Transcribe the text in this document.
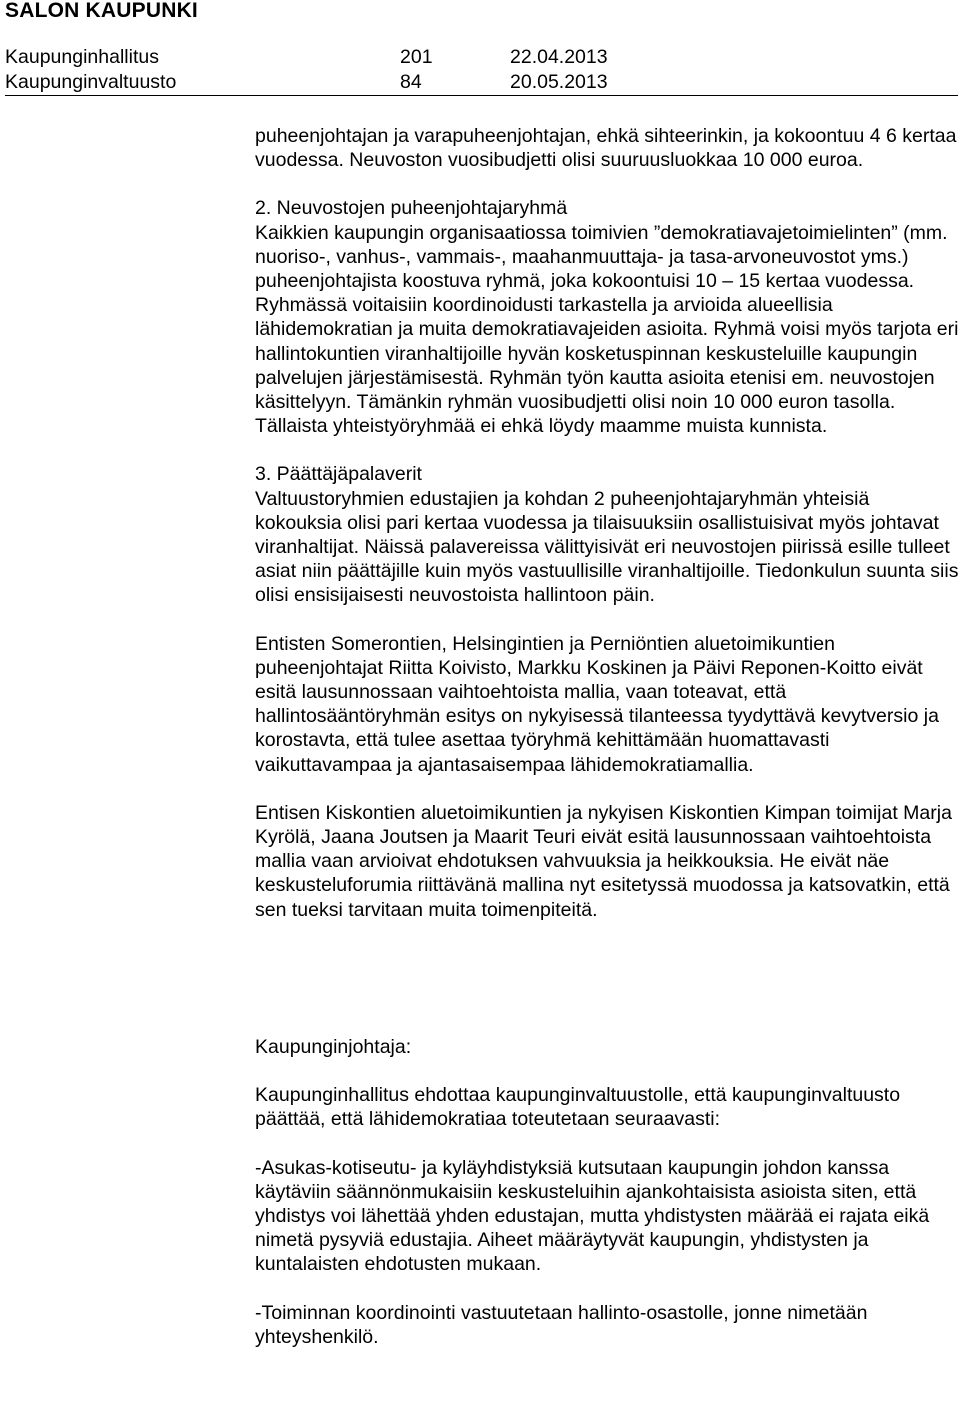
SALON KAUPUNKI
Kaupunginhallitus	201	22.04.2013
Kaupunginvaltuusto	84	20.05.2013

puheenjohtajan ja varapuheenjohtajan, ehkä sihteerinkin, ja kokoontuu 4 6 kertaa vuodessa. Neuvoston vuosibudjetti olisi suuruusluokkaa 10 000 euroa.

2. Neuvostojen puheenjohtajaryhmä

Kaikkien kaupungin organisaatiossa toimivien ”demokratiavajetoimielinten” (mm. nuoriso-, vanhus-, vammais-, maahanmuuttaja- ja tasa-arvoneuvostot yms.) puheenjohtajista koostuva ryhmä, joka kokoontuisi 10 – 15 kertaa vuodessa. Ryhmässä voitaisiin koordinoidusti tarkastella ja arvioida alueellisia lähidemokratian ja muita demokratiavajeiden asioita. Ryhmä voisi myös tarjota eri hallintokuntien viranhaltijoille hyvän kosketuspinnan keskusteluille kaupungin palvelujen järjestämisestä. Ryhmän työn kautta asioita etenisi em. neuvostojen käsittelyyn. Tämänkin ryhmän vuosibudjetti olisi noin 10 000 euron tasolla. Tällaista yhteistyöryhmää ei ehkä löydy maamme muista kunnista.

3. Päättäjäpalaverit

Valtuustoryhmien edustajien ja kohdan 2 puheenjohtajaryhmän yhteisiä kokouksia olisi pari kertaa vuodessa ja tilaisuuksiin osallistuisivat myös johtavat viranhaltijat. Näissä palavereissa välittyisivät eri neuvostojen piirissä esille tulleet asiat niin päättäjille kuin myös vastuullisille viranhaltijoille. Tiedonkulun suunta siis olisi ensisijaisesti neuvostoista hallintoon päin.

Entisten Somerontien, Helsingintien ja Perniöntien aluetoimikuntien puheenjohtajat Riitta Koivisto, Markku Koskinen ja Päivi Reponen-Koitto eivät esitä lausunnossaan vaihtoehtoista mallia, vaan toteavat, että hallintosääntöryhmän esitys on nykyisessä tilanteessa tyydyttävä kevytversio ja korostavta, että tulee asettaa työryhmä kehittämään huomattavasti vaikuttavampaa ja ajantasaisempaa lähidemokratiamallia.

Entisen Kiskontien aluetoimikuntien ja nykyisen Kiskontien Kimpan toimijat Marja Kyrölä, Jaana Joutsen ja Maarit Teuri eivät esitä lausunnossaan vaihtoehtoista mallia vaan arvioivat ehdotuksen vahvuuksia ja heikkouksia. He eivät näe keskusteluforumia riittävänä mallina nyt esitetyssä muodossa ja katsovatkin, että sen tueksi tarvitaan muita toimenpiteitä.

Kaupunginjohtaja:

Kaupunginhallitus ehdottaa kaupunginvaltuustolle, että kaupunginvaltuusto päättää, että lähidemokratiaa toteutetaan seuraavasti:

-Asukas-kotiseutu- ja kyläyhdistyksiä kutsutaan kaupungin johdon kanssa käytäviin säännönmukaisiin keskusteluihin ajankohtaisista asioista siten, että yhdistys voi lähettää yhden edustajan, mutta yhdistysten määrää ei rajata eikä nimetä pysyviä edustajia. Aiheet määräytyvät kaupungin, yhdistysten ja kuntalaisten ehdotusten mukaan.

-Toiminnan koordinointi vastuutetaan hallinto-osastolle, jonne nimetään yhteyshenkilö.
